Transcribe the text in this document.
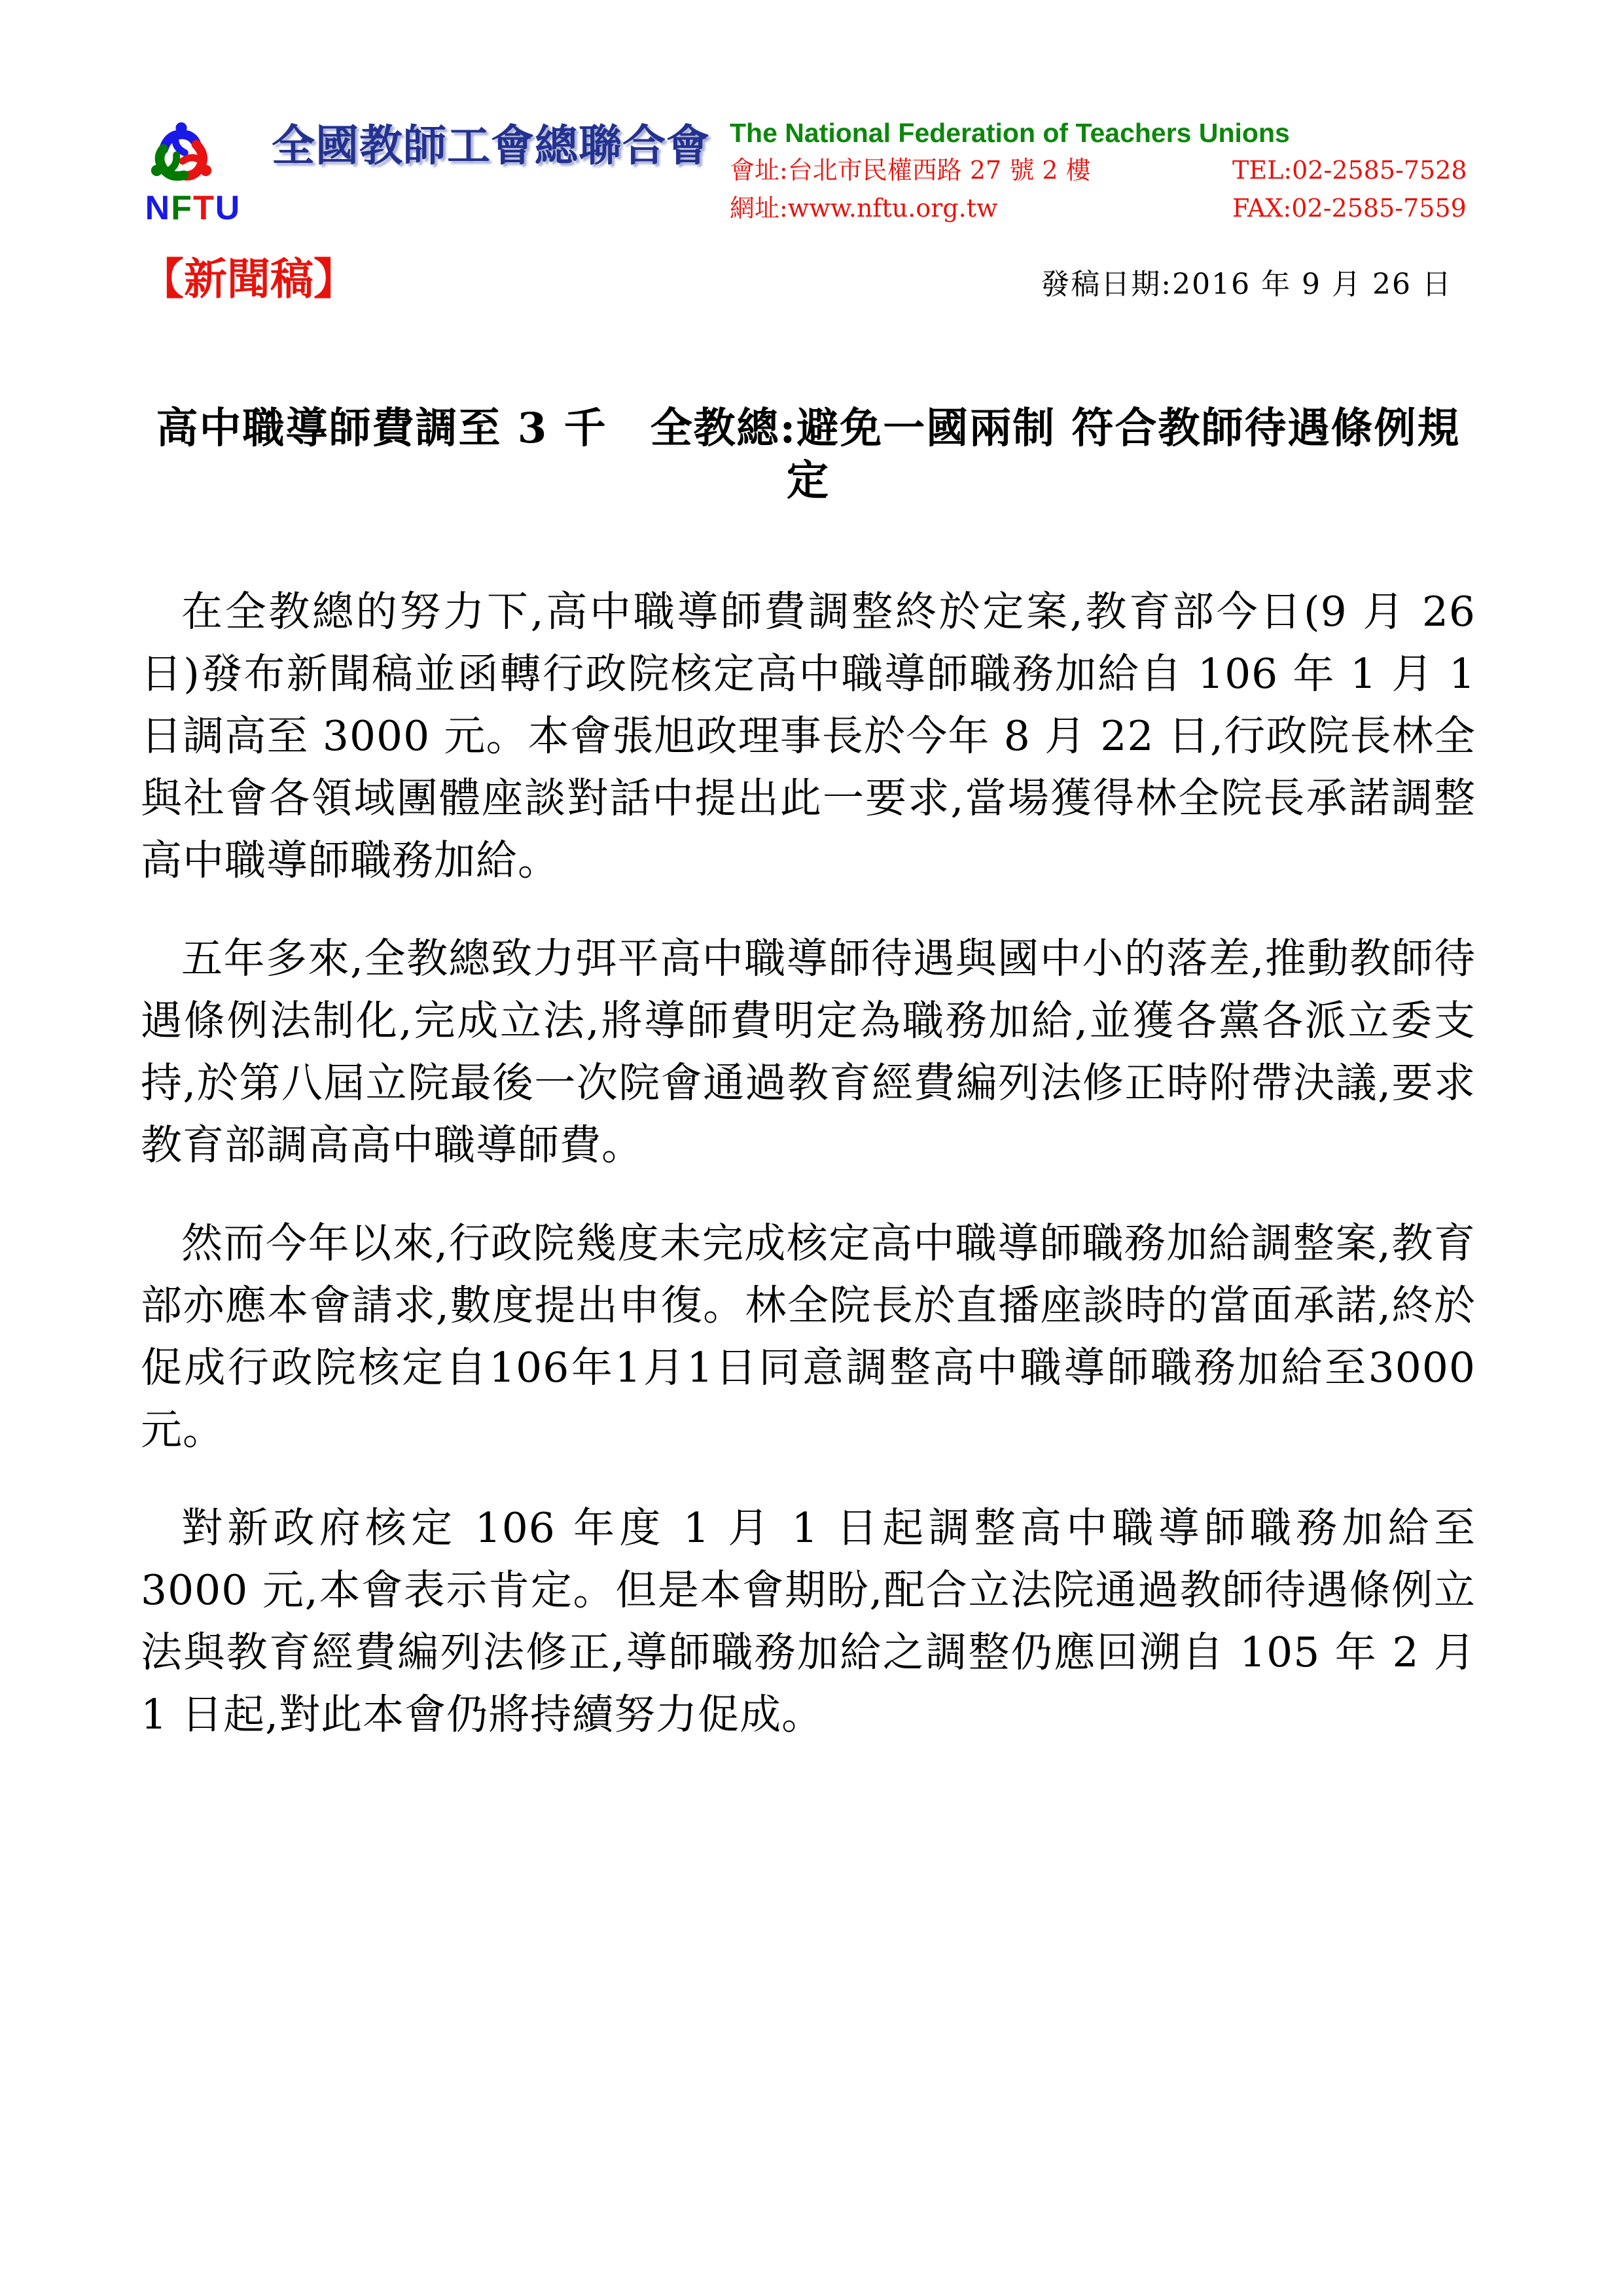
全國教師工會總聯合會
NFTU
The National Federation of Teachers Unions
會址:台北市民權西路 27 號 2 樓	TEL:02-2585-7528
網址:www.nftu.org.tw	FAX:02-2585-7559
【新聞稿】	發稿日期:2016 年 9 月 26 日
高中職導師費調至 3 千　全教總:避免一國兩制 符合教師待遇條例規定

在全教總的努力下,高中職導師費調整終於定案,教育部今日(9 月 26 日)發布新聞稿並函轉行政院核定高中職導師職務加給自 106 年 1 月 1 日調高至 3000 元。本會張旭政理事長於今年 8 月 22 日,行政院長林全與社會各領域團體座談對話中提出此一要求,當場獲得林全院長承諾調整高中職導師職務加給。

五年多來,全教總致力弭平高中職導師待遇與國中小的落差,推動教師待遇條例法制化,完成立法,將導師費明定為職務加給,並獲各黨各派立委支持,於第八屆立院最後一次院會通過教育經費編列法修正時附帶決議,要求教育部調高高中職導師費。

然而今年以來,行政院幾度未完成核定高中職導師職務加給調整案,教育部亦應本會請求,數度提出申復。林全院長於直播座談時的當面承諾,終於促成行政院核定自106年1月1日同意調整高中職導師職務加給至3000元。

對新政府核定 106 年度 1 月 1 日起調整高中職導師職務加給至 3000 元,本會表示肯定。但是本會期盼,配合立法院通過教師待遇條例立法與教育經費編列法修正,導師職務加給之調整仍應回溯自 105 年 2 月 1 日起,對此本會仍將持續努力促成。
